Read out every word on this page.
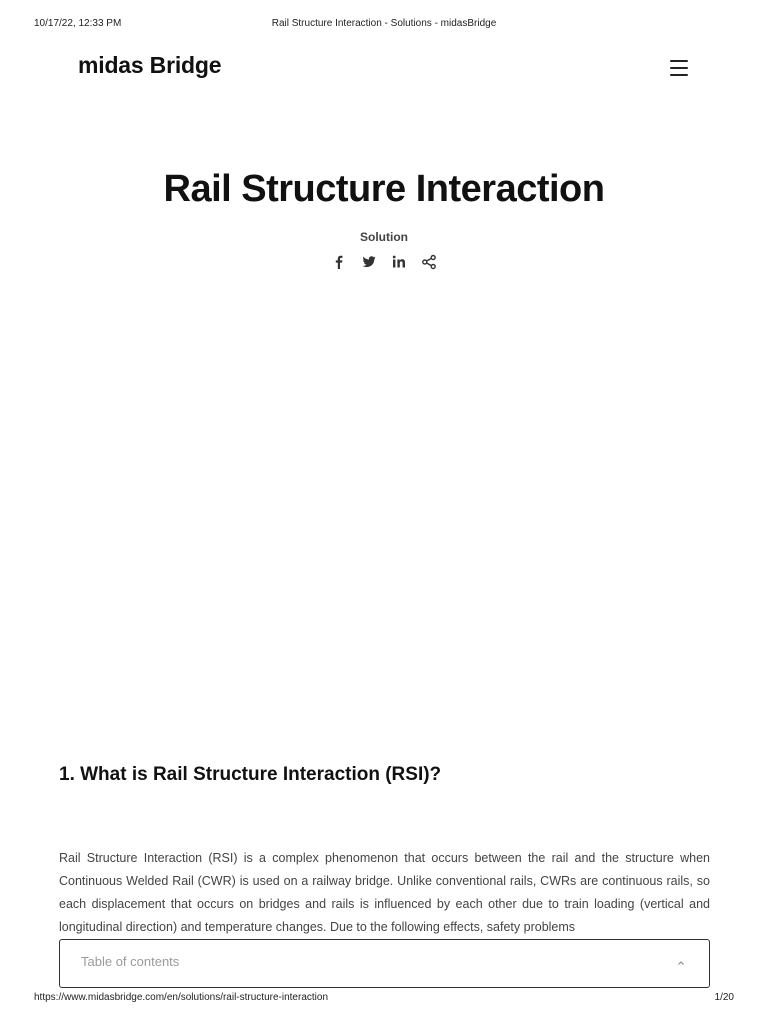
10/17/22, 12:33 PM	Rail Structure Interaction - Solutions - midasBridge
midas Bridge
Rail Structure Interaction
Solution
1. What is Rail Structure Interaction (RSI)?

Rail Structure Interaction (RSI) is a complex phenomenon that occurs between the rail and the structure when Continuous Welded Rail (CWR) is used on a railway bridge. Unlike conventional rails, CWRs are continuous rails, so each displacement that occurs on bridges and rails is influenced by each other due to train loading (vertical and longitudinal direction) and temperature changes. Due to the following effects, safety problems

Table of contents
https://www.midasbridge.com/en/solutions/rail-structure-interaction	1/20
